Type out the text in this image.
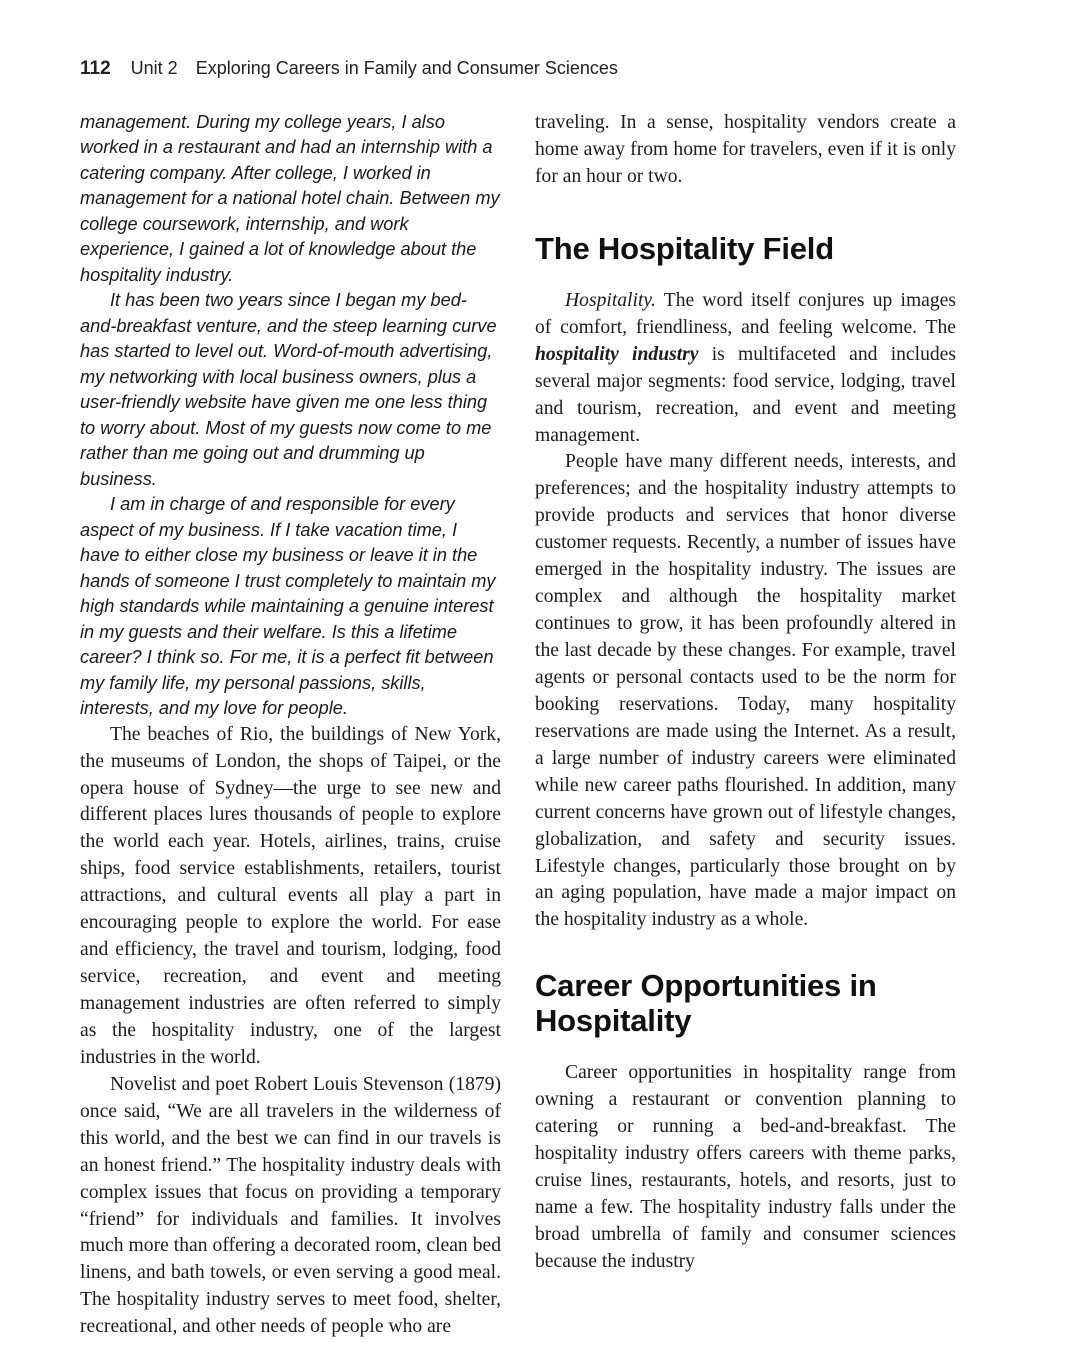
112 Unit 2 Exploring Careers in Family and Consumer Sciences

management. During my college years, I also worked in a restaurant and had an internship with a catering company. After college, I worked in management for a national hotel chain. Between my college coursework, internship, and work experience, I gained a lot of knowledge about the hospitality industry.

It has been two years since I began my bed-and-breakfast venture, and the steep learning curve has started to level out. Word-of-mouth advertising, my networking with local business owners, plus a user-friendly website have given me one less thing to worry about. Most of my guests now come to me rather than me going out and drumming up business.

I am in charge of and responsible for every aspect of my business. If I take vacation time, I have to either close my business or leave it in the hands of someone I trust completely to maintain my high standards while maintaining a genuine interest in my guests and their welfare. Is this a lifetime career? I think so. For me, it is a perfect fit between my family life, my personal passions, skills, interests, and my love for people.

The beaches of Rio, the buildings of New York, the museums of London, the shops of Taipei, or the opera house of Sydney—the urge to see new and different places lures thousands of people to explore the world each year. Hotels, airlines, trains, cruise ships, food service establishments, retailers, tourist attractions, and cultural events all play a part in encouraging people to explore the world. For ease and efficiency, the travel and tourism, lodging, food service, recreation, and event and meeting management industries are often referred to simply as the hospitality industry, one of the largest industries in the world.

Novelist and poet Robert Louis Stevenson (1879) once said, “We are all travelers in the wilderness of this world, and the best we can find in our travels is an honest friend.” The hospitality industry deals with complex issues that focus on providing a temporary “friend” for individuals and families. It involves much more than offering a decorated room, clean bed linens, and bath towels, or even serving a good meal. The hospitality industry serves to meet food, shelter, recreational, and other needs of people who are

traveling. In a sense, hospitality vendors create a home away from home for travelers, even if it is only for an hour or two.

The Hospitality Field

Hospitality. The word itself conjures up images of comfort, friendliness, and feeling welcome. The hospitality industry is multifaceted and includes several major segments: food service, lodging, travel and tourism, recreation, and event and meeting management.

People have many different needs, interests, and preferences; and the hospitality industry attempts to provide products and services that honor diverse customer requests. Recently, a number of issues have emerged in the hospitality industry. The issues are complex and although the hospitality market continues to grow, it has been profoundly altered in the last decade by these changes. For example, travel agents or personal contacts used to be the norm for booking reservations. Today, many hospitality reservations are made using the Internet. As a result, a large number of industry careers were eliminated while new career paths flourished. In addition, many current concerns have grown out of lifestyle changes, globalization, and safety and security issues. Lifestyle changes, particularly those brought on by an aging population, have made a major impact on the hospitality industry as a whole.

Career Opportunities in Hospitality

Career opportunities in hospitality range from owning a restaurant or convention planning to catering or running a bed-and-breakfast. The hospitality industry offers careers with theme parks, cruise lines, restaurants, hotels, and resorts, just to name a few. The hospitality industry falls under the broad umbrella of family and consumer sciences because the industry
